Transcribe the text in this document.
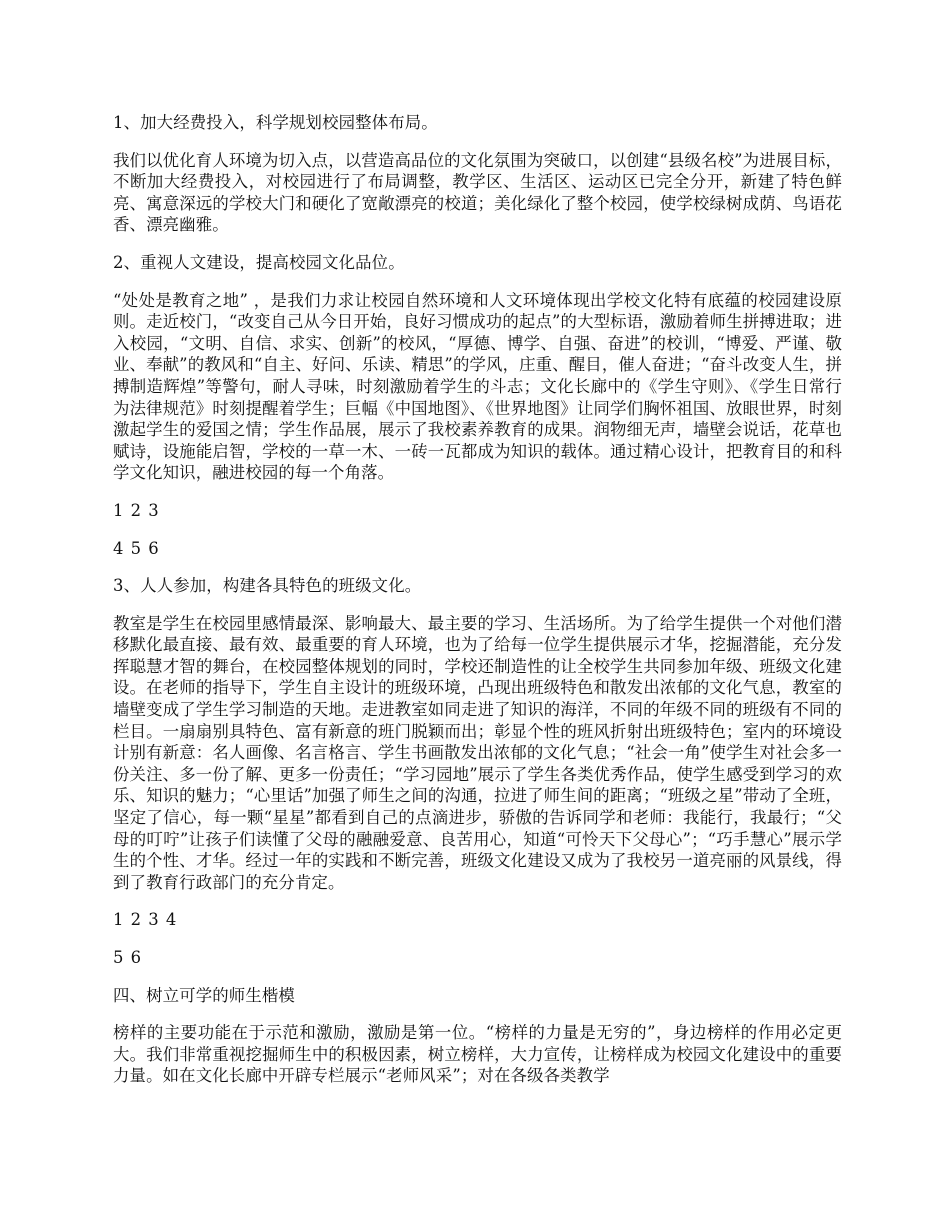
1、加大经费投入，科学规划校园整体布局。

我们以优化育人环境为切入点，以营造高品位的文化氛围为突破口，以创建“县级名校”为进展目标，不断加大经费投入，对校园进行了布局调整，教学区、生活区、运动区已完全分开，新建了特色鲜亮、寓意深远的学校大门和硬化了宽敞漂亮的校道；美化绿化了整个校园，使学校绿树成荫、鸟语花香、漂亮幽雅。

2、重视人文建设，提高校园文化品位。

“处处是教育之地” ，是我们力求让校园自然环境和人文环境体现出学校文化特有底蕴的校园建设原则。走近校门，“改变自己从今日开始，良好习惯成功的起点”的大型标语，激励着师生拼搏进取；进入校园，“文明、自信、求实、创新”的校风，“厚德、博学、自强、奋进”的校训，“博爱、严谨、敬业、奉献”的教风和“自主、好问、乐读、精思”的学风，庄重、醒目，催人奋进；“奋斗改变人生，拼搏制造辉煌”等警句，耐人寻味，时刻激励着学生的斗志；文化长廊中的《学生守则》、《学生日常行为法律规范》时刻提醒着学生；巨幅《中国地图》、《世界地图》让同学们胸怀祖国、放眼世界，时刻激起学生的爱国之情；学生作品展，展示了我校素养教育的成果。润物细无声，墙壁会说话，花草也赋诗，设施能启智，学校的一草一木、一砖一瓦都成为知识的载体。通过精心设计，把教育目的和科学文化知识，融进校园的每一个角落。

1 2 3

4 5 6

3、人人参加，构建各具特色的班级文化。

教室是学生在校园里感情最深、影响最大、最主要的学习、生活场所。为了给学生提供一个对他们潜移默化最直接、最有效、最重要的育人环境，也为了给每一位学生提供展示才华，挖掘潜能，充分发挥聪慧才智的舞台，在校园整体规划的同时，学校还制造性的让全校学生共同参加年级、班级文化建设。在老师的指导下，学生自主设计的班级环境，凸现出班级特色和散发出浓郁的文化气息，教室的墙壁变成了学生学习制造的天地。走进教室如同走进了知识的海洋，不同的年级不同的班级有不同的栏目。一扇扇别具特色、富有新意的班门脱颖而出；彰显个性的班风折射出班级特色；室内的环境设计别有新意：名人画像、名言格言、学生书画散发出浓郁的文化气息；“社会一角”使学生对社会多一份关注、多一份了解、更多一份责任；“学习园地”展示了学生各类优秀作品，使学生感受到学习的欢乐、知识的魅力；“心里话”加强了师生之间的沟通，拉进了师生间的距离；“班级之星”带动了全班，坚定了信心，每一颗“星星”都看到自己的点滴进步，骄傲的告诉同学和老师：我能行，我最行；“父母的叮咛”让孩子们读懂了父母的融融爱意、良苦用心，知道“可怜天下父母心”；“巧手慧心”展示学生的个性、才华。经过一年的实践和不断完善，班级文化建设又成为了我校另一道亮丽的风景线，得到了教育行政部门的充分肯定。

1 2 3 4

5 6

四、树立可学的师生楷模

榜样的主要功能在于示范和激励，激励是第一位。“榜样的力量是无穷的”，身边榜样的作用必定更大。我们非常重视挖掘师生中的积极因素，树立榜样，大力宣传，让榜样成为校园文化建设中的重要力量。如在文化长廊中开辟专栏展示“老师风采”；对在各级各类教学
